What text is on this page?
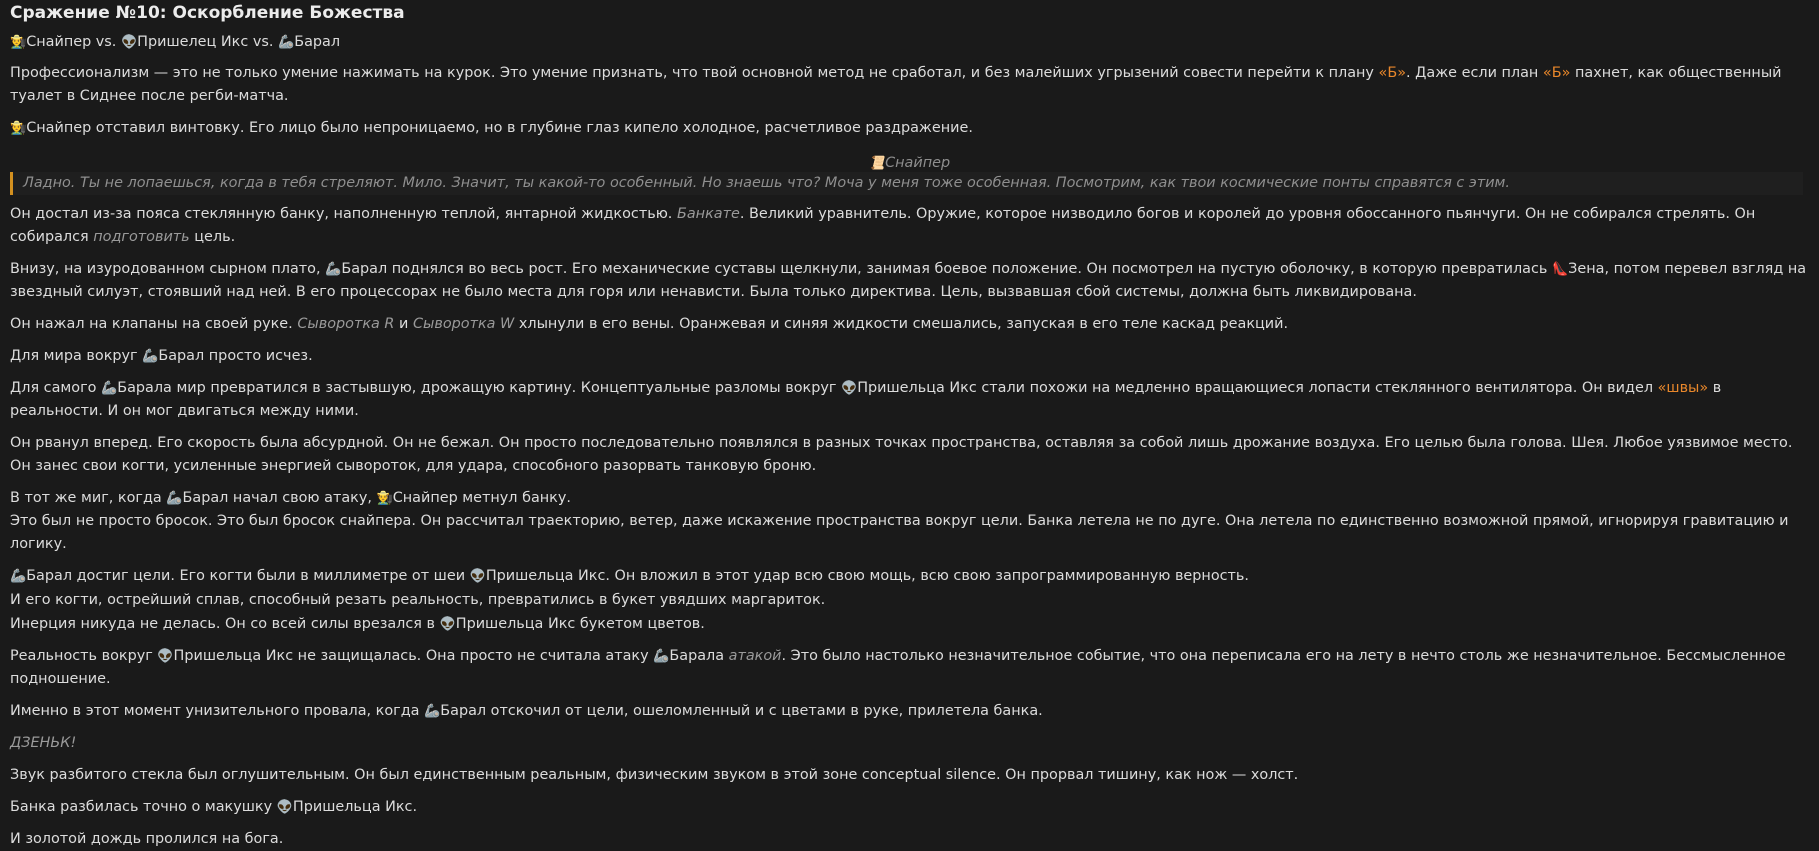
Сражение №10: Оскорбление Божества

👨‍🌾Снайпер vs. 👽Пришелец Икс vs. 🦾Барал

Профессионализм — это не только умение нажимать на курок. Это умение признать, что твой основной метод не сработал, и без малейших угрызений совести перейти к плану «Б». Даже если план «Б» пахнет, как общественный туалет в Сиднее после регби-матча.

👨‍🌾Снайпер отставил винтовку. Его лицо было непроницаемо, но в глубине глаз кипело холодное, расчетливое раздражение.

📜Снайпер

Ладно. Ты не лопаешься, когда в тебя стреляют. Мило. Значит, ты какой-то особенный. Но знаешь что? Моча у меня тоже особенная. Посмотрим, как твои космические понты справятся с этим.

Он достал из-за пояса стеклянную банку, наполненную теплой, янтарной жидкостью. Банкате. Великий уравнитель. Оружие, которое низводило богов и королей до уровня обоссанного пьянчуги. Он не собирался стрелять. Он собирался подготовить цель.

Внизу, на изуродованном сырном плато, 🦾Барал поднялся во весь рост. Его механические суставы щелкнули, занимая боевое положение. Он посмотрел на пустую оболочку, в которую превратилась 👠Зена, потом перевел взгляд на звездный силуэт, стоявший над ней. В его процессорах не было места для горя или ненависти. Была только директива. Цель, вызвавшая сбой системы, должна быть ликвидирована.

Он нажал на клапаны на своей руке. Сыворотка R и Сыворотка W хлынули в его вены. Оранжевая и синяя жидкости смешались, запуская в его теле каскад реакций.

Для мира вокруг 🦾Барал просто исчез.

Для самого 🦾Барала мир превратился в застывшую, дрожащую картину. Концептуальные разломы вокруг 👽Пришельца Икс стали похожи на медленно вращающиеся лопасти стеклянного вентилятора. Он видел «швы» в реальности. И он мог двигаться между ними.

Он рванул вперед. Его скорость была абсурдной. Он не бежал. Он просто последовательно появлялся в разных точках пространства, оставляя за собой лишь дрожание воздуха. Его целью была голова. Шея. Любое уязвимое место. Он занес свои когти, усиленные энергией сывороток, для удара, способного разорвать танковую броню.

В тот же миг, когда 🦾Барал начал свою атаку, 👨‍🌾Снайпер метнул банку.

Это был не просто бросок. Это был бросок снайпера. Он рассчитал траекторию, ветер, даже искажение пространства вокруг цели. Банка летела не по дуге. Она летела по единственно возможной прямой, игнорируя гравитацию и логику.

🦾Барал достиг цели. Его когти были в миллиметре от шеи 👽Пришельца Икс. Он вложил в этот удар всю свою мощь, всю свою запрограммированную верность.

И его когти, острейший сплав, способный резать реальность, превратились в букет увядших маргариток.

Инерция никуда не делась. Он со всей силы врезался в 👽Пришельца Икс букетом цветов.

Реальность вокруг 👽Пришельца Икс не защищалась. Она просто не считала атаку 🦾Барала атакой. Это было настолько незначительное событие, что она переписала его на лету в нечто столь же незначительное. Бессмысленное подношение.

Именно в этот момент унизительного провала, когда 🦾Барал отскочил от цели, ошеломленный и с цветами в руке, прилетела банка.

ДЗЕНЬК!

Звук разбитого стекла был оглушительным. Он был единственным реальным, физическим звуком в этой зоне conceptual silence. Он прорвал тишину, как нож — холст.

Банка разбилась точно о макушку 👽Пришельца Икс.

И золотой дождь пролился на бога.
